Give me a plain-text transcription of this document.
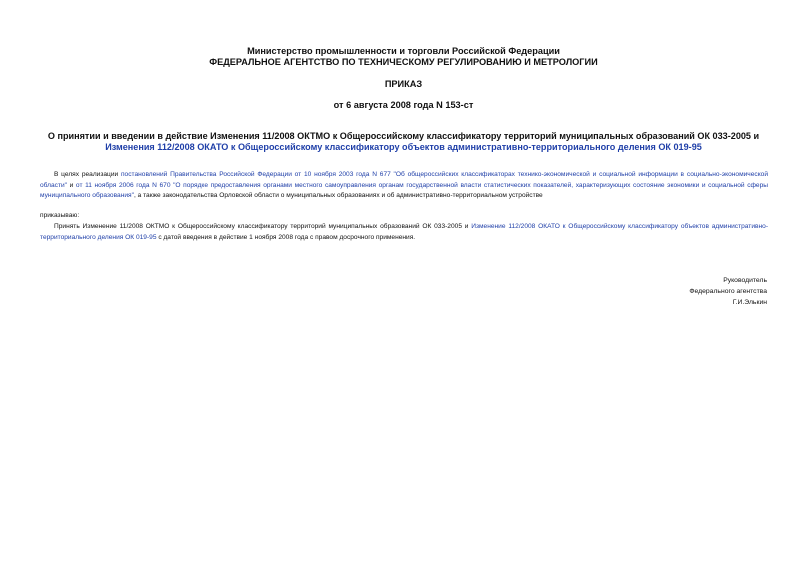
Министерство промышленности и торговли Российской Федерации
ФЕДЕРАЛЬНОЕ АГЕНТСТВО ПО ТЕХНИЧЕСКОМУ РЕГУЛИРОВАНИЮ И МЕТРОЛОГИИ
ПРИКАЗ
от 6 августа 2008 года N 153-ст
О принятии и введении в действие Изменения 11/2008 ОКТМО к Общероссийскому классификатору территорий муниципальных образований ОК 033-2005 и
Изменения 112/2008 ОКАТО к Общероссийскому классификатору объектов административно-территориального деления ОК 019-95
В целях реализации постановлений Правительства Российской Федерации от 10 ноября 2003 года N 677 "Об общероссийских классификаторах технико-экономической и социальной информации в социально-экономической области" и от 11 ноября 2006 года N 670 "О порядке предоставления органами местного самоуправления органам государственной власти статистических показателей, характеризующих состояние экономики и социальной сферы муниципального образования", а также законодательства Орловской области о муниципальных образованиях и об административно-территориальном устройстве
приказываю:
Принять Изменение 11/2008 ОКТМО к Общероссийскому классификатору территорий муниципальных образований ОК 033-2005 и Изменение 112/2008 ОКАТО к Общероссийскому классификатору объектов административно-территориального деления ОК 019-95 с датой введения в действие 1 ноября 2008 года с правом досрочного применения.
Руководитель
Федерального агентства
Г.И.Элькин
